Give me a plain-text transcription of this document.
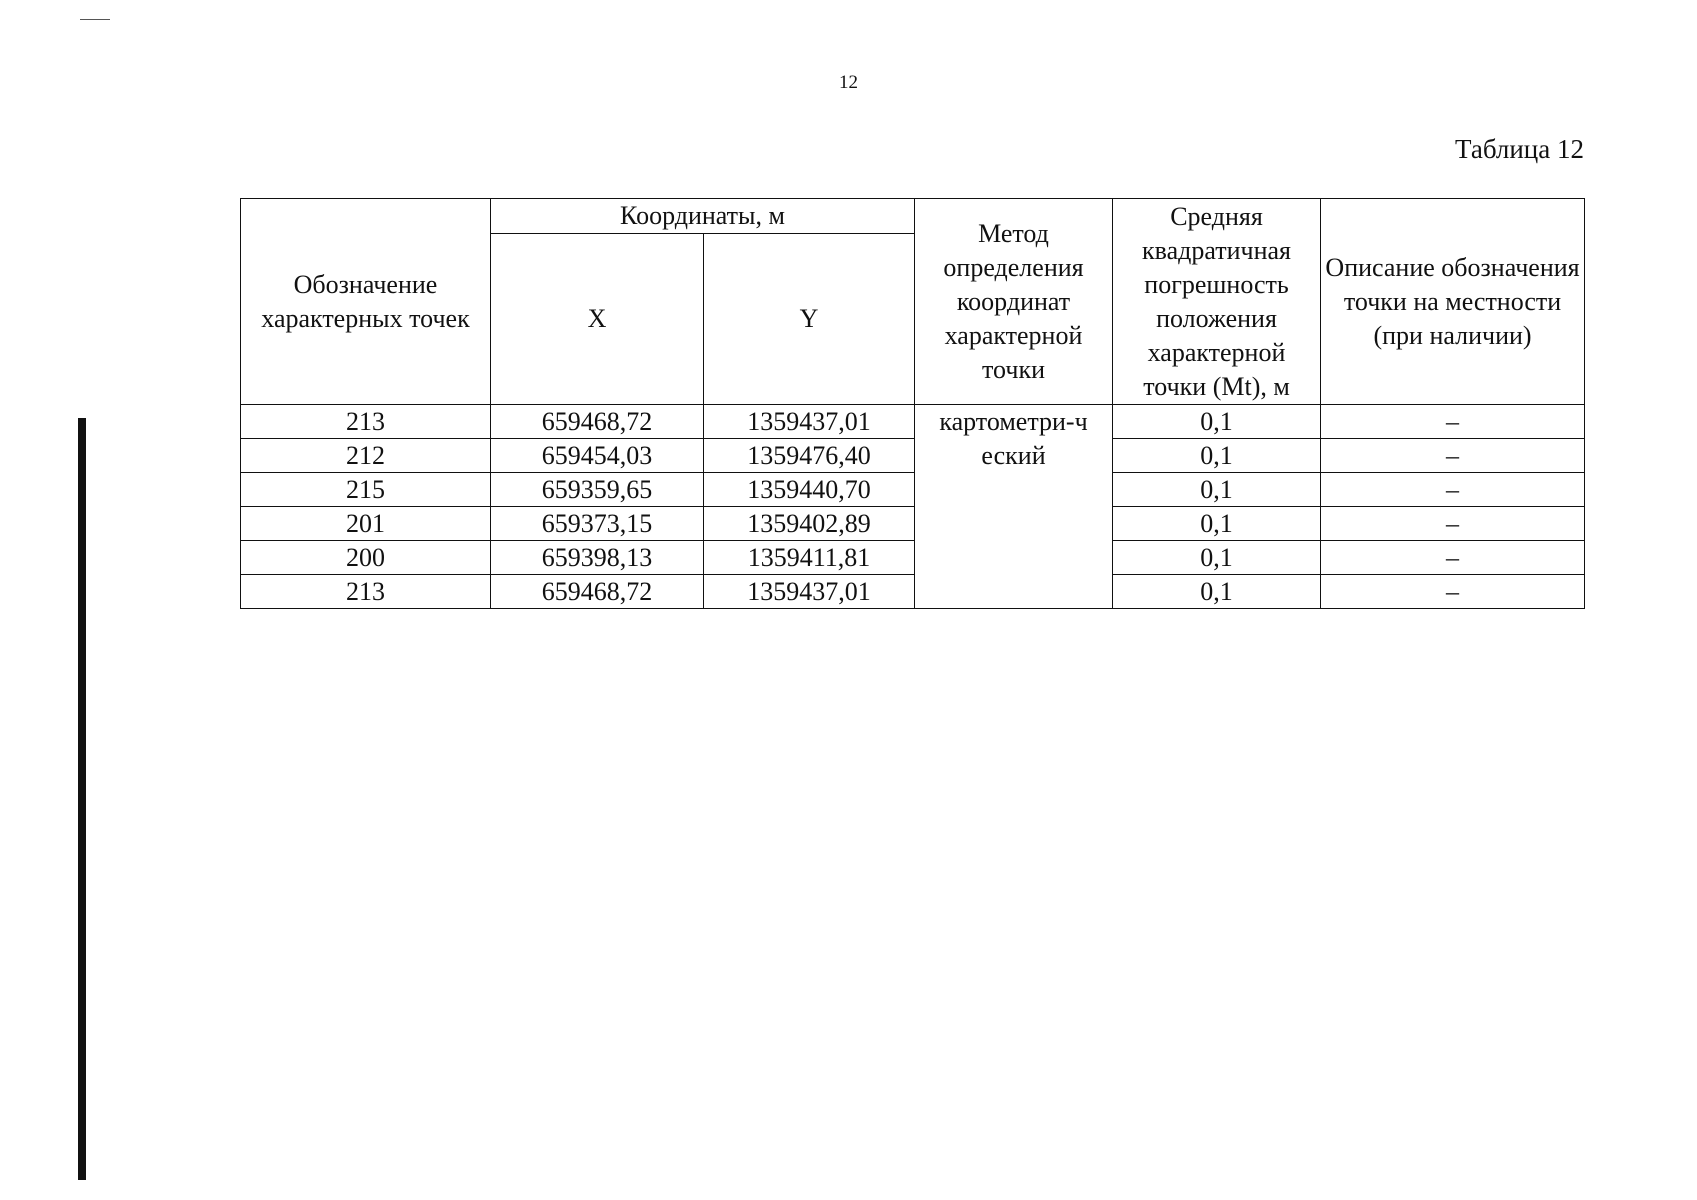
12
Таблица 12
Обозначение характерных точек	Координаты, м		Метод определения координат характерной точки	Средняя квадратичная погрешность положения характерной точки (Mt), м	Описание обозначения точки на местности (при наличии)
	X	Y			
213	659468,72	1359437,01	картометри-ческий	0,1	–
212	659454,03	1359476,40		0,1	–
215	659359,65	1359440,70		0,1	–
201	659373,15	1359402,89		0,1	–
200	659398,13	1359411,81		0,1	–
213	659468,72	1359437,01		0,1	–
